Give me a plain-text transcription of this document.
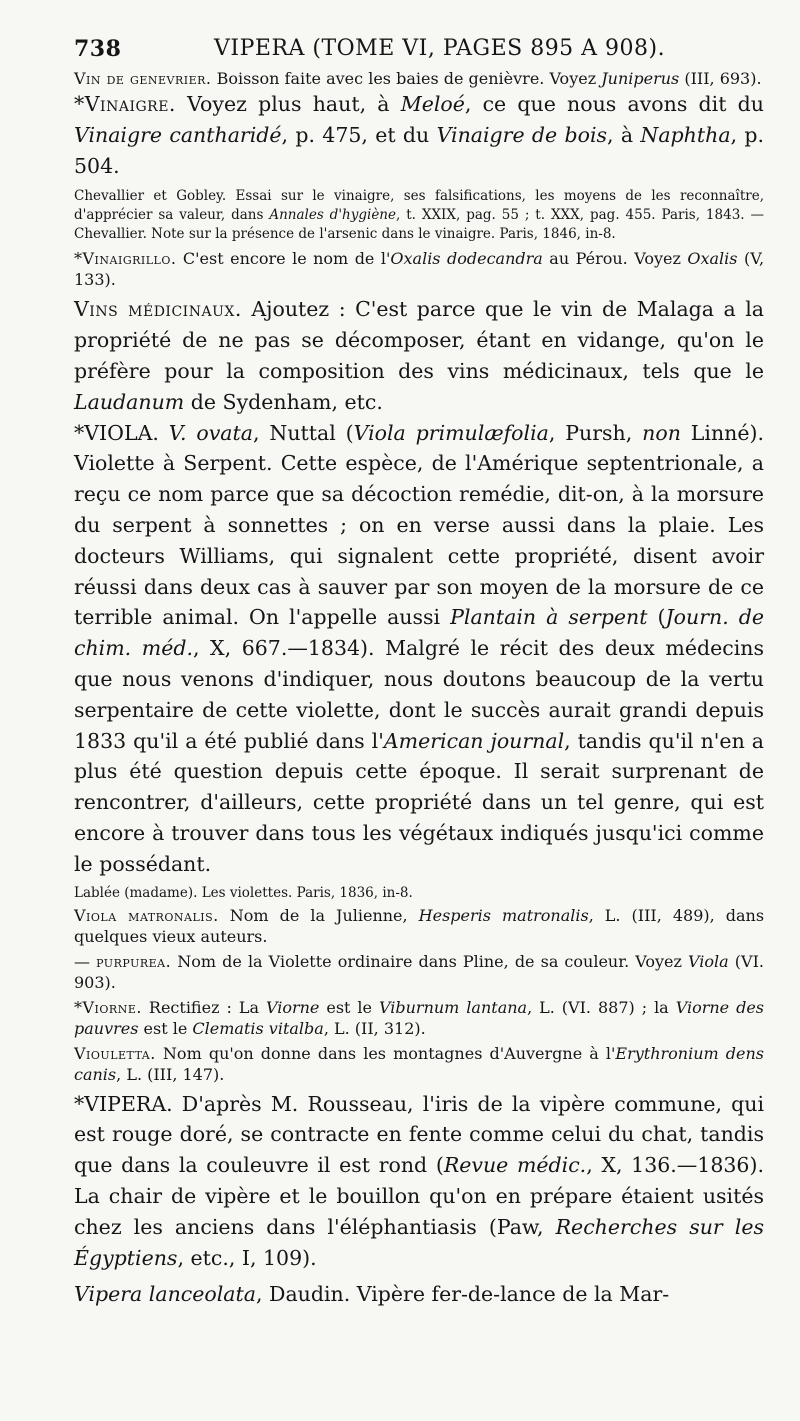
738	VIPERA (TOME VI, PAGES 895 A 908).

Vin de genevrier. Boisson faite avec les baies de genièvre. Voyez Juniperus (III, 693).

*Vinaigre. Voyez plus haut, à Meloé, ce que nous avons dit du Vinaigre cantharidé, p. 475, et du Vinaigre de bois, à Naphtha, p. 504.

Chevallier et Gobley. Essai sur le vinaigre, ses falsifications, les moyens de les reconnaître, d'apprécier sa valeur, dans Annales d'hygiène, t. XXIX, pag. 55 ; t. XXX, pag. 455. Paris, 1843. — Chevallier. Note sur la présence de l'arsenic dans le vinaigre. Paris, 1846, in-8.

*Vinaigrillo. C'est encore le nom de l'Oxalis dodecandra au Pérou. Voyez Oxalis (V, 133).

Vins médicinaux. Ajoutez : C'est parce que le vin de Malaga a la propriété de ne pas se décomposer, étant en vidange, qu'on le préfère pour la composition des vins médicinaux, tels que le Laudanum de Sydenham, etc.

*VIOLA. V. ovata, Nuttal (Viola primulæfolia, Pursh, non Linné). Violette à Serpent. Cette espèce, de l'Amérique septentrionale, a reçu ce nom parce que sa décoction remédie, dit-on, à la morsure du serpent à sonnettes ; on en verse aussi dans la plaie. Les docteurs Williams, qui signalent cette propriété, disent avoir réussi dans deux cas à sauver par son moyen de la morsure de ce terrible animal. On l'appelle aussi Plantain à serpent (Journ. de chim. méd., X, 667.—1834). Malgré le récit des deux médecins que nous venons d'indiquer, nous doutons beaucoup de la vertu serpentaire de cette violette, dont le succès aurait grandi depuis 1833 qu'il a été publié dans l'American journal, tandis qu'il n'en a plus été question depuis cette époque. Il serait surprenant de rencontrer, d'ailleurs, cette propriété dans un tel genre, qui est encore à trouver dans tous les végétaux indiqués jusqu'ici comme le possédant.

Lablée (madame). Les violettes. Paris, 1836, in-8.

Viola matronalis. Nom de la Julienne, Hesperis matronalis, L. (III, 489), dans quelques vieux auteurs.

— purpurea. Nom de la Violette ordinaire dans Pline, de sa couleur. Voyez Viola (VI. 903).

*Viorne. Rectifiez : La Viorne est le Viburnum lantana, L. (VI. 887) ; la Viorne des pauvres est le Clematis vitalba, L. (II, 312).

Viouletta. Nom qu'on donne dans les montagnes d'Auvergne à l'Erythronium dens canis, L. (III, 147).

*VIPERA. D'après M. Rousseau, l'iris de la vipère commune, qui est rouge doré, se contracte en fente comme celui du chat, tandis que dans la couleuvre il est rond (Revue médic., X, 136.—1836). La chair de vipère et le bouillon qu'on en prépare étaient usités chez les anciens dans l'éléphantiasis (Paw, Recherches sur les Égyptiens, etc., I, 109).

Vipera lanceolata, Daudin. Vipère fer-de-lance de la Mar-
